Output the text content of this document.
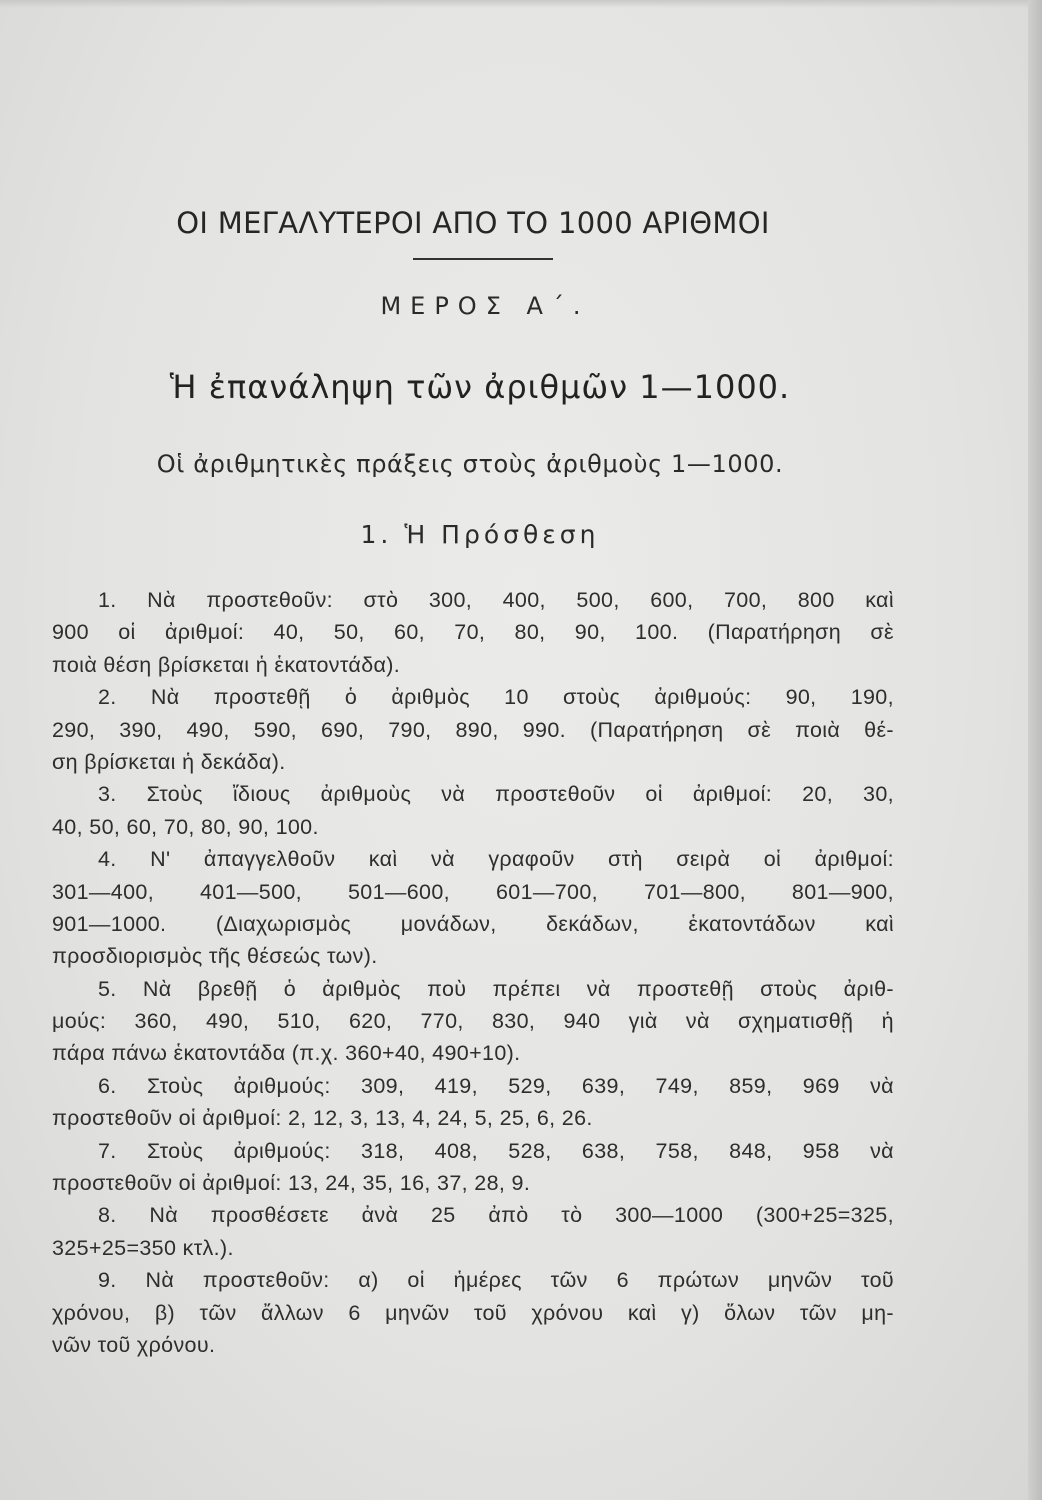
ΟΙ ΜΕΓΑΛΥΤΕΡΟΙ ΑΠΟ ΤΟ 1000 ΑΡΙΘΜΟΙ
ΜΕΡΟΣ Α΄.
Ἡ ἐπανάληψη τῶν ἀριθμῶν 1—1000.
Οἱ ἀριθμητικὲς πράξεις στοὺς ἀριθμοὺς 1—1000.
1. Ἡ Πρόσθεση
1. Νὰ προστεθοῦν: στὸ 300, 400, 500, 600, 700, 800 καὶ
900 οἱ ἀριθμοί: 40, 50, 60, 70, 80, 90, 100. (Παρατήρηση σὲ
ποιὰ θέση βρίσκεται ἡ ἑκατοντάδα).
2. Νὰ προστεθῇ ὁ ἀριθμὸς 10 στοὺς ἀριθμούς: 90, 190,
290, 390, 490, 590, 690, 790, 890, 990. (Παρατήρηση σὲ ποιὰ θέ-
ση βρίσκεται ἡ δεκάδα).
3. Στοὺς ἴδιους ἀριθμοὺς νὰ προστεθοῦν οἱ ἀριθμοί: 20, 30,
40, 50, 60, 70, 80, 90, 100.
4. Ν' ἀπαγγελθοῦν καὶ νὰ γραφοῦν στὴ σειρὰ οἱ ἀριθμοί:
301—400, 401—500, 501—600, 601—700, 701—800, 801—900,
901—1000. (Διαχωρισμὸς μονάδων, δεκάδων, ἑκατοντάδων καὶ
προσδιορισμὸς τῆς θέσεώς των).
5. Νὰ βρεθῇ ὁ ἀριθμὸς ποὺ πρέπει νὰ προστεθῇ στοὺς ἀριθ-
μούς: 360, 490, 510, 620, 770, 830, 940 γιὰ νὰ σχηματισθῇ ἡ
πάρα πάνω ἑκατοντάδα (π.χ. 360+40, 490+10).
6. Στοὺς ἀριθμούς: 309, 419, 529, 639, 749, 859, 969 νὰ
προστεθοῦν οἱ ἀριθμοί: 2, 12, 3, 13, 4, 24, 5, 25, 6, 26.
7. Στοὺς ἀριθμούς: 318, 408, 528, 638, 758, 848, 958 νὰ
προστεθοῦν οἱ ἀριθμοί: 13, 24, 35, 16, 37, 28, 9.
8. Νὰ προσθέσετε ἀνὰ 25 ἀπὸ τὸ 300—1000 (300+25=325,
325+25=350 κτλ.).
9. Νὰ προστεθοῦν: α) οἱ ἡμέρες τῶν 6 πρώτων μηνῶν τοῦ
χρόνου, β) τῶν ἄλλων 6 μηνῶν τοῦ χρόνου καὶ γ) ὅλων τῶν μη-
νῶν τοῦ χρόνου.
